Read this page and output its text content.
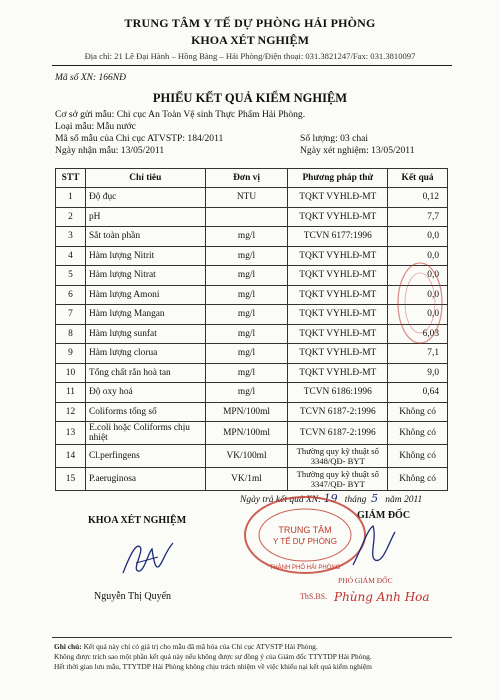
TRUNG TÂM Y TẾ DỰ PHÒNG HẢI PHÒNG
KHOA XÉT NGHIỆM
Địa chỉ: 21 Lê Đại Hành – Hồng Bàng – Hải Phòng/Điện thoại: 031.3821247/Fax: 031.3810097
Mã số XN: 166NĐ
PHIẾU KẾT QUẢ KIỂM NGHIỆM
Cơ sở gửi mẫu: Chi cục An Toàn Vệ sinh Thực Phẩm Hải Phòng.
Loại mẫu: Mẫu nước
Mã số mẫu của Chi cục ATVSTP: 184/2011	Số lượng: 03 chai
Ngày nhận mẫu: 13/05/2011	Ngày xét nghiệm: 13/05/2011
STT	Chỉ tiêu	Đơn vị	Phương pháp thử	Kết quả
1	Độ đục	NTU	TQKT VYHLĐ-MT	0,12
2	pH		TQKT VYHLĐ-MT	7,7
3	Sắt toàn phần	mg/l	TCVN 6177:1996	0,0
4	Hàm lượng Nitrit	mg/l	TQKT VYHLĐ-MT	0,0
5	Hàm lượng Nitrat	mg/l	TQKT VYHLĐ-MT	0,0
6	Hàm lượng Amoni	mg/l	TQKT VYHLĐ-MT	0,0
7	Hàm lượng Mangan	mg/l	TQKT VYHLĐ-MT	0,0
8	Hàm lượng sunfat	mg/l	TQKT VYHLĐ-MT	6,03
9	Hàm lượng clorua	mg/l	TQKT VYHLĐ-MT	7,1
10	Tổng chất rắn hoà tan	mg/l	TQKT VYHLĐ-MT	9,0
11	Độ oxy hoá	mg/l	TCVN 6186:1996	0,64
12	Coliforms tổng số	MPN/100ml	TCVN 6187-2:1996	Không có
13	E.coli hoặc Coliforms chịu nhiệt	MPN/100ml	TCVN 6187-2:1996	Không có
14	Cl.perfingens	VK/100ml	Thường quy kỹ thuật số 3348/QĐ- BYT	Không có
15	P.aeruginosa	VK/1ml	Thường quy kỹ thuật số 3347/QĐ- BYT	Không có
Ngày trả kết quả XN: 19 tháng 5 năm 2011
KHOA XÉT NGHIỆM	GIÁM ĐỐC
TRUNG TÂM
Y TẾ DỰ PHÒNG
THÀNH PHỐ HẢI PHÒNG
Nguyễn Thị Quyến
PHÓ GIÁM ĐỐC
ThS.BS. Phùng Anh Hoa
Ghi chú: Kết quả này chỉ có giá trị cho mẫu đã mã hóa của Chi cục ATVSTP Hải Phòng.
Không được trích sao một phần kết quả này nếu không được sự đồng ý của Giám đốc TTYTDP Hải Phòng.
Hết thời gian lưu mẫu, TTYTDP Hải Phòng không chịu trách nhiệm về việc khiếu nại kết quả kiểm nghiệm
